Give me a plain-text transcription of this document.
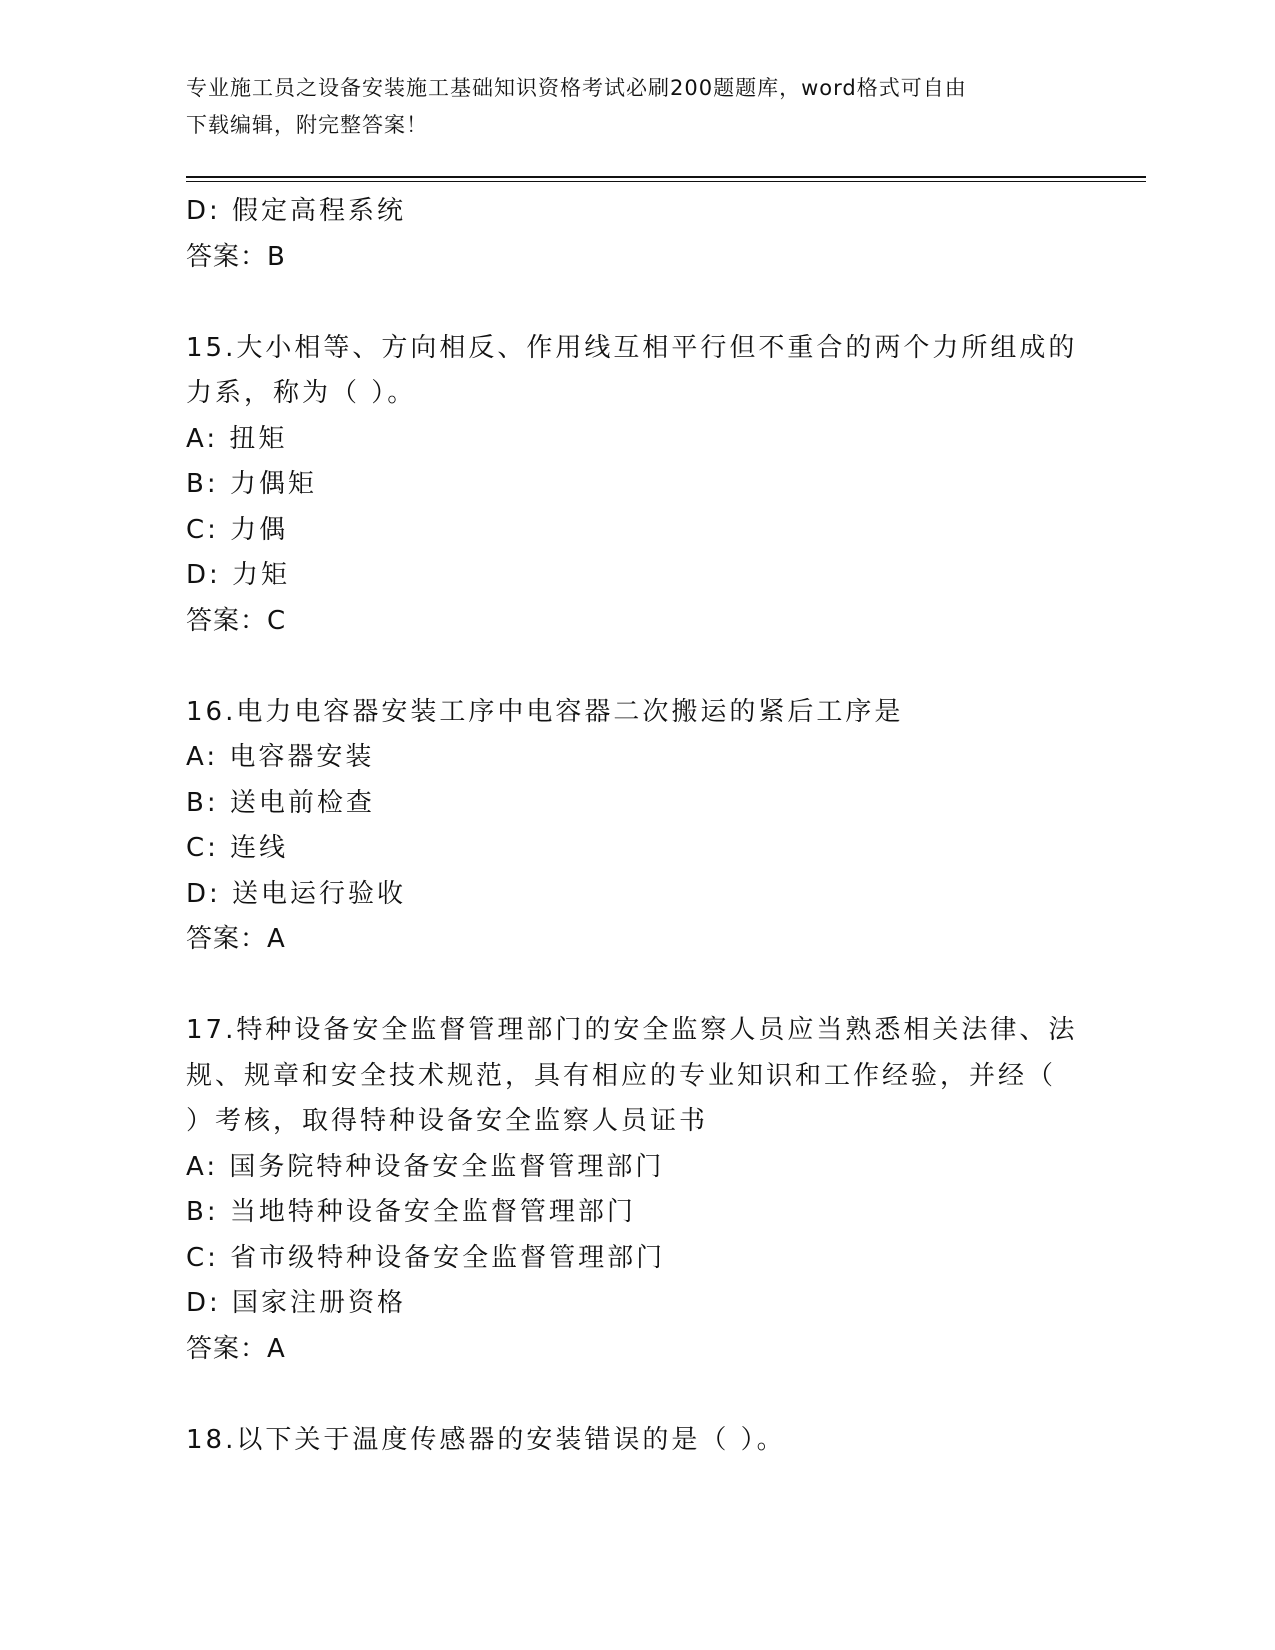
专业施工员之设备安装施工基础知识资格考试必刷200题题库，word格式可自由
下载编辑，附完整答案！
D: 假定高程系统
答案：B
15.大小相等、方向相反、作用线互相平行但不重合的两个力所组成的
力系，称为（ ）。
A: 扭矩
B: 力偶矩
C: 力偶
D: 力矩
答案：C
16.电力电容器安装工序中电容器二次搬运的紧后工序是
A: 电容器安装
B: 送电前检查
C: 连线
D: 送电运行验收
答案：A
17.特种设备安全监督管理部门的安全监察人员应当熟悉相关法律、法
规、规章和安全技术规范，具有相应的专业知识和工作经验，并经（
）考核，取得特种设备安全监察人员证书
A: 国务院特种设备安全监督管理部门
B: 当地特种设备安全监督管理部门
C: 省市级特种设备安全监督管理部门
D: 国家注册资格
答案：A
18.以下关于温度传感器的安装错误的是（ ）。
